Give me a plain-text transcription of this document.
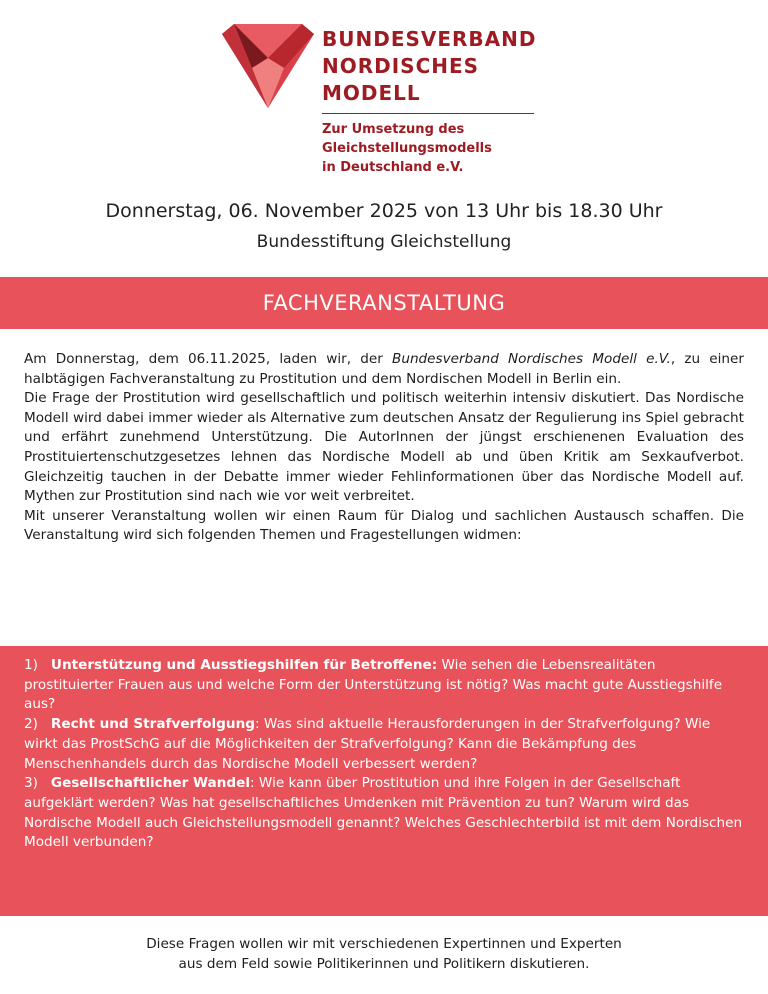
BUNDESVERBAND
NORDISCHES
MODELL
Zur Umsetzung des
Gleichstellungsmodells
in Deutschland e.V.
Donnerstag, 06. November 2025 von 13 Uhr bis 18.30 Uhr
Bundesstiftung Gleichstellung
FACHVERANSTALTUNG

Am Donnerstag, dem 06.11.2025, laden wir, der Bundesverband Nordisches Modell e.V., zu einer halbtägigen Fachveranstaltung zu Prostitution und dem Nordischen Modell in Berlin ein.

Die Frage der Prostitution wird gesellschaftlich und politisch weiterhin intensiv diskutiert. Das Nordische Modell wird dabei immer wieder als Alternative zum deutschen Ansatz der Regulierung ins Spiel gebracht und erfährt zunehmend Unterstützung. Die AutorInnen der jüngst erschienenen Evaluation des Prostituiertenschutzgesetzes lehnen das Nordische Modell ab und üben Kritik am Sexkaufverbot. Gleichzeitig tauchen in der Debatte immer wieder Fehlinformationen über das Nordische Modell auf. Mythen zur Prostitution sind nach wie vor weit verbreitet.

Mit unserer Veranstaltung wollen wir einen Raum für Dialog und sachlichen Austausch schaffen. Die Veranstaltung wird sich folgenden Themen und Fragestellungen widmen:

1) Unterstützung und Ausstiegshilfen für Betroffene: Wie sehen die Lebensrealitäten prostituierter Frauen aus und welche Form der Unterstützung ist nötig? Was macht gute Ausstiegshilfe aus?

2) Recht und Strafverfolgung: Was sind aktuelle Herausforderungen in der Strafverfolgung? Wie wirkt das ProstSchG auf die Möglichkeiten der Strafverfolgung? Kann die Bekämpfung des Menschenhandels durch das Nordische Modell verbessert werden?

3) Gesellschaftlicher Wandel: Wie kann über Prostitution und ihre Folgen in der Gesellschaft aufgeklärt werden? Was hat gesellschaftliches Umdenken mit Prävention zu tun? Warum wird das Nordische Modell auch Gleichstellungsmodell genannt? Welches Geschlechterbild ist mit dem Nordischen Modell verbunden?

Diese Fragen wollen wir mit verschiedenen Expertinnen und Experten
aus dem Feld sowie Politikerinnen und Politikern diskutieren.
